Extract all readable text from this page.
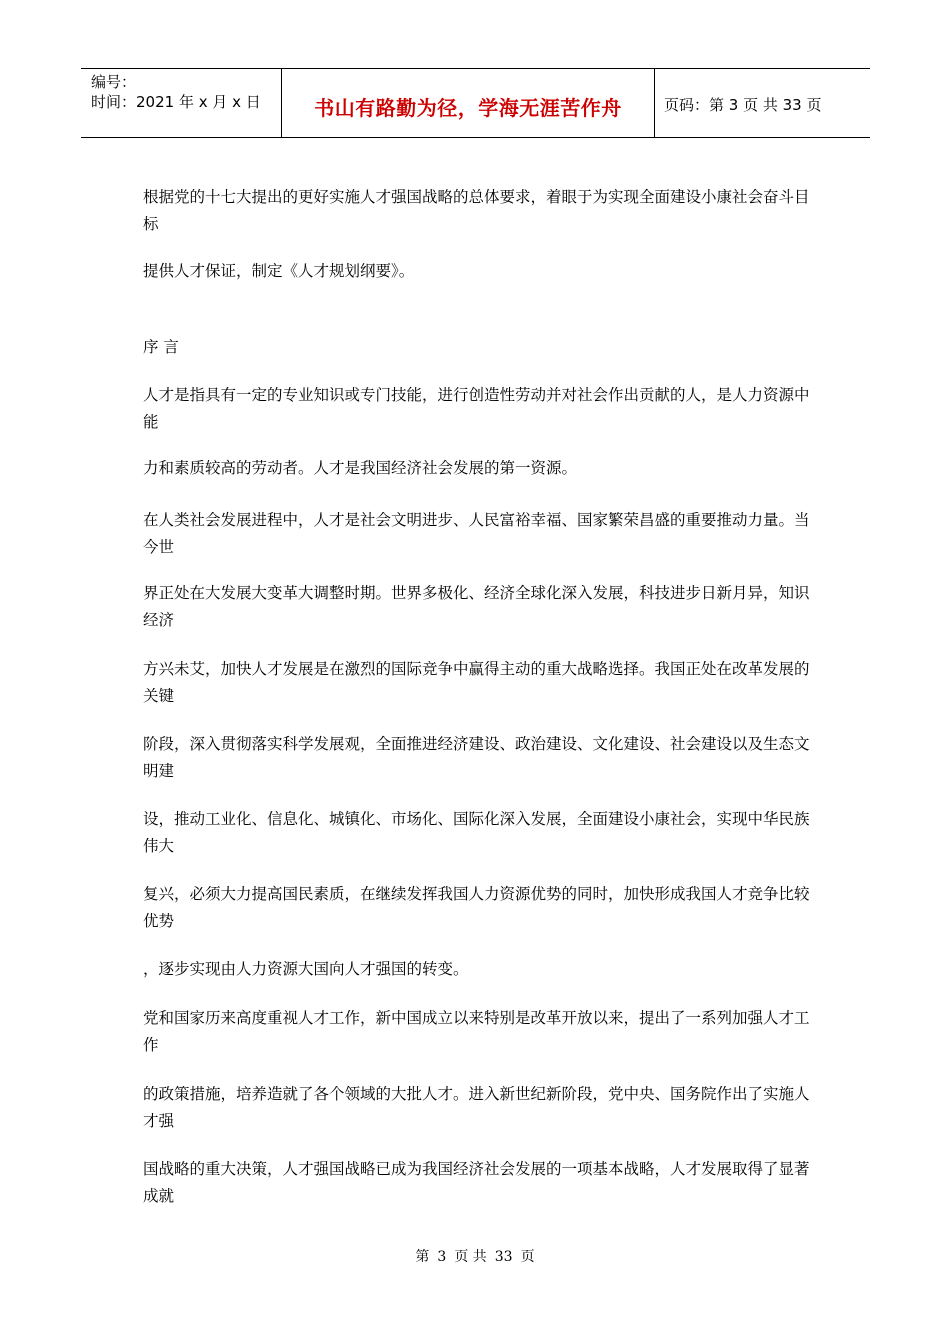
编号：
时间：2021 年 x 月 x 日	书山有路勤为径，学海无涯苦作舟	页码：第 3 页 共 33 页
根据党的十七大提出的更好实施人才强国战略的总体要求，着眼于为实现全面建设小康社会奋斗目标
提供人才保证，制定《人才规划纲要》。
序 言
人才是指具有一定的专业知识或专门技能，进行创造性劳动并对社会作出贡献的人，是人力资源中能
力和素质较高的劳动者。人才是我国经济社会发展的第一资源。
在人类社会发展进程中，人才是社会文明进步、人民富裕幸福、国家繁荣昌盛的重要推动力量。当今世
界正处在大发展大变革大调整时期。世界多极化、经济全球化深入发展，科技进步日新月异，知识经济
方兴未艾，加快人才发展是在激烈的国际竞争中赢得主动的重大战略选择。我国正处在改革发展的关键
阶段，深入贯彻落实科学发展观，全面推进经济建设、政治建设、文化建设、社会建设以及生态文明建
设，推动工业化、信息化、城镇化、市场化、国际化深入发展，全面建设小康社会，实现中华民族伟大
复兴，必须大力提高国民素质，在继续发挥我国人力资源优势的同时，加快形成我国人才竞争比较优势
，逐步实现由人力资源大国向人才强国的转变。
党和国家历来高度重视人才工作，新中国成立以来特别是改革开放以来，提出了一系列加强人才工作
的政策措施，培养造就了各个领域的大批人才。进入新世纪新阶段，党中央、国务院作出了实施人才强
国战略的重大决策，人才强国战略已成为我国经济社会发展的一项基本战略，人才发展取得了显著成就
第 3 页 共 33 页
